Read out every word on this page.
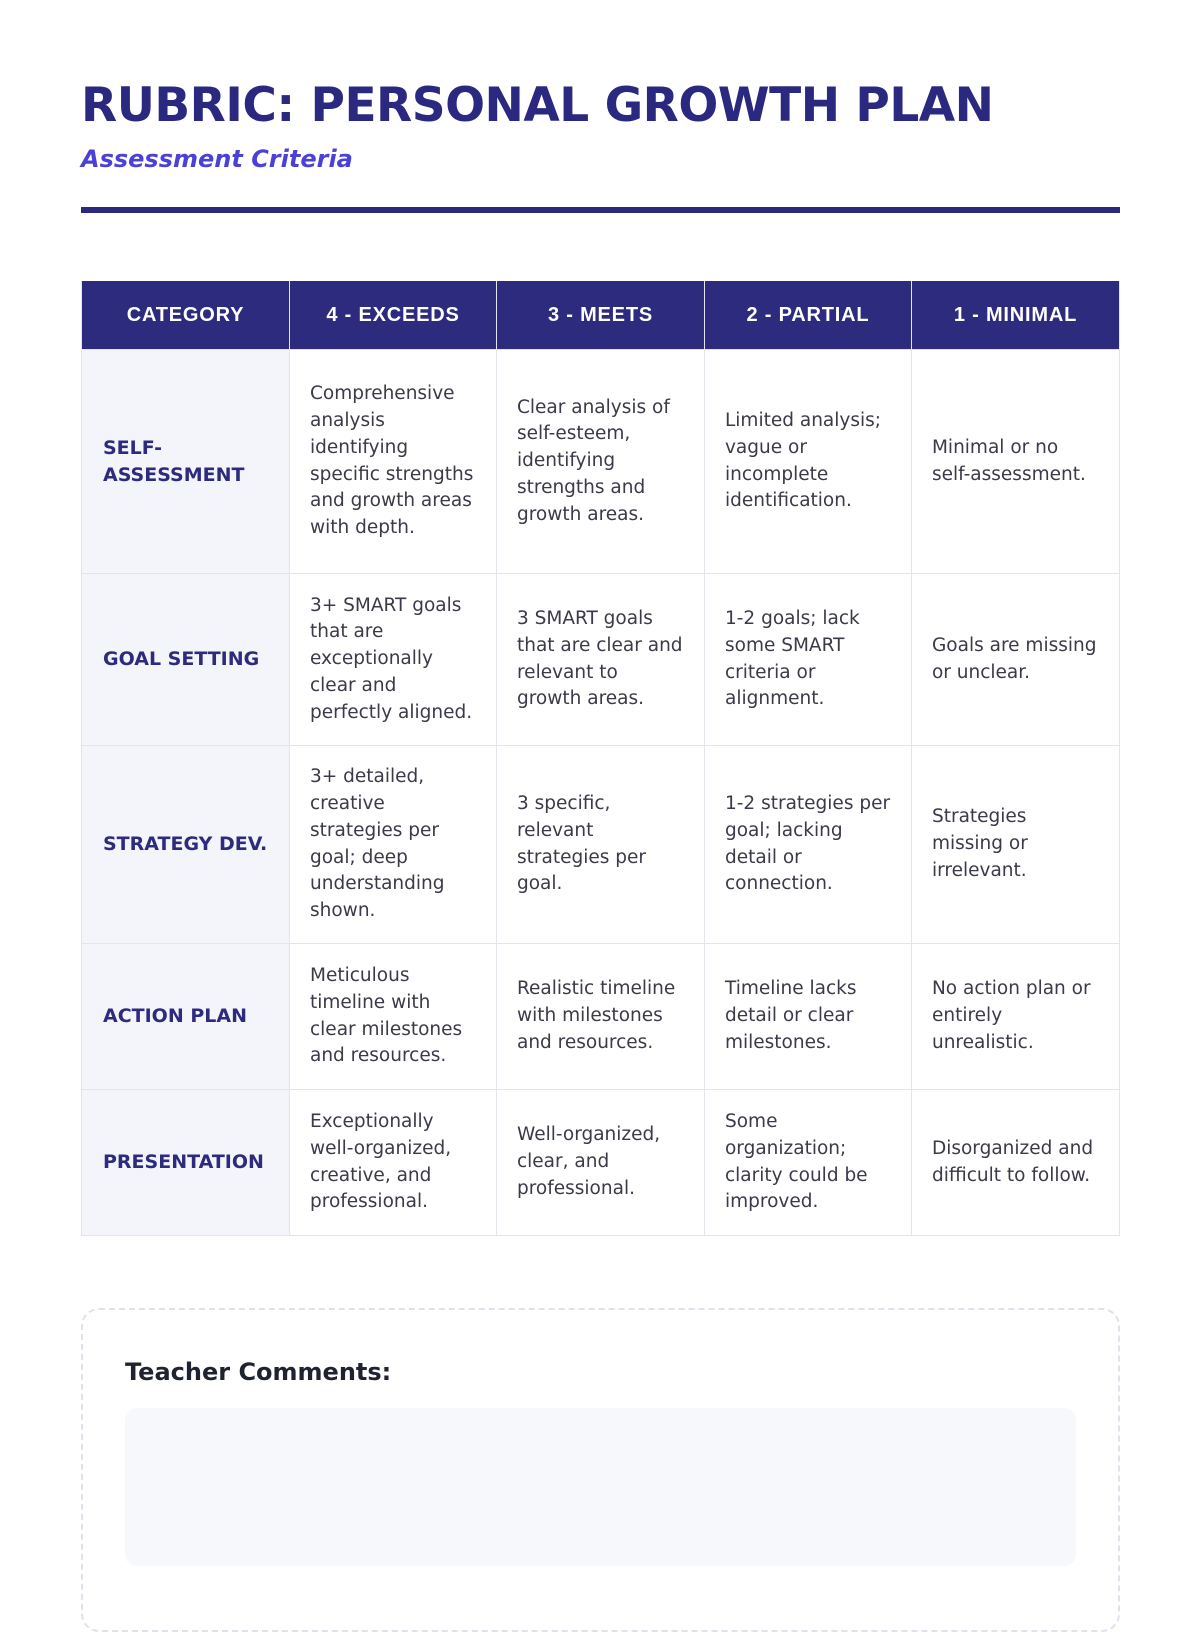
RUBRIC: PERSONAL GROWTH PLAN
Assessment Criteria
CATEGORY	4 - EXCEEDS	3 - MEETS	2 - PARTIAL	1 - MINIMAL
SELF-ASSESSMENT	Comprehensive analysis identifying specific strengths and growth areas with depth.	Clear analysis of self-esteem, identifying strengths and growth areas.	Limited analysis; vague or incomplete identification.	Minimal or no self-assessment.
GOAL SETTING	3+ SMART goals that are exceptionally clear and perfectly aligned.	3 SMART goals that are clear and relevant to growth areas.	1-2 goals; lack some SMART criteria or alignment.	Goals are missing or unclear.
STRATEGY DEV.	3+ detailed, creative strategies per goal; deep understanding shown.	3 specific, relevant strategies per goal.	1-2 strategies per goal; lacking detail or connection.	Strategies missing or irrelevant.
ACTION PLAN	Meticulous timeline with clear milestones and resources.	Realistic timeline with milestones and resources.	Timeline lacks detail or clear milestones.	No action plan or entirely unrealistic.
PRESENTATION	Exceptionally well-organized, creative, and professional.	Well-organized, clear, and professional.	Some organization; clarity could be improved.	Disorganized and difficult to follow.
Teacher Comments:
